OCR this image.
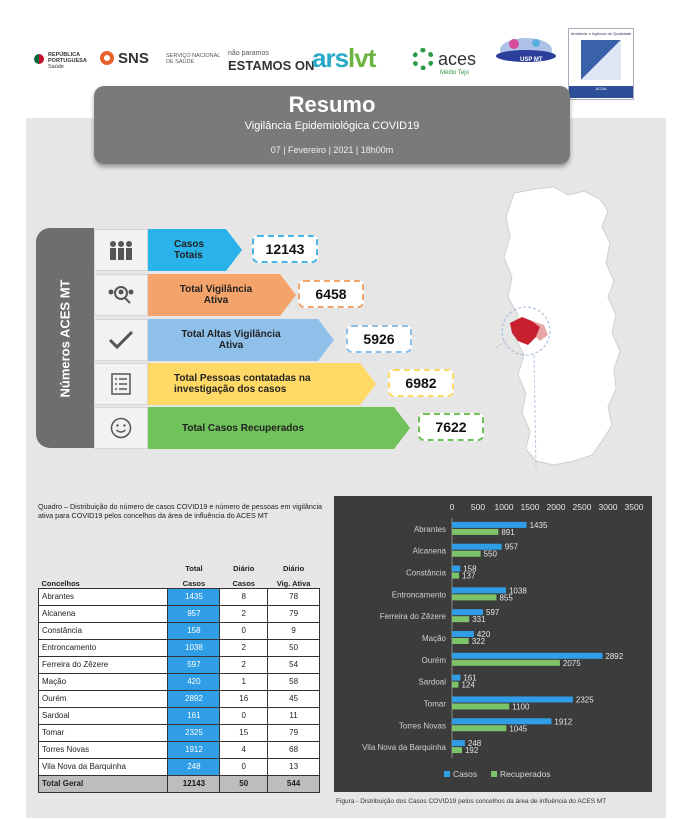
REPÚBLICA PORTUGUESA
Saúde	SNS	SERVIÇO NACIONAL DE SAÚDE
não paramos
ESTAMOS ON
arslvt	aces
Médio Tejo
USP MT
Ambiente e Agência de Qualidade
ACSA
Resumo
Vigilância Epidemiológica COVID19
07 | Fevereiro | 2021 | 18h00m
Números ACES MT
Casos Totais	12143
Total Vigilância Ativa	6458
Total Altas Vigilância Ativa	5926
Total Pessoas contatadas na investigação dos casos	6982
Total Casos Recuperados	7622
Quadro – Distribuição do número de casos COVID19 e número de pessoas em vigilância ativa para COVID19 pelos concelhos da área de influência do ACES MT
	Total	Diário	Diário
Concelhos	Casos	Casos	Vig. Ativa
Abrantes	1435	8	78
Alcanena	957	2	79
Constância	158	0	9
Entroncamento	1038	2	50
Ferreira do Zêzere	597	2	54
Mação	420	1	58
Ourém	2892	16	45
Sardoal	161	0	11
Tomar	2325	15	79
Torres Novas	1912	4	68
Vila Nova da Barquinha	248	0	13
Total Geral	12143	50	544
0 500 1000 1500 2000 2500 3000 3500
Abrantes	1435
891
Alcanena	957
550
Constância 158
137
Entroncamento	1038
855
Ferreira do Zêzere	597
331
Mação	420
322
Ourém	2892
2075
Sardoal 161
124
Tomar	2325
1100
Torres Novas	1912
1045
Vila Nova da Barquinha	248
192
Casos	Recuperados
Figura - Distribuição dos Casos COVID19 pelos concelhos da área de influência do ACES MT
